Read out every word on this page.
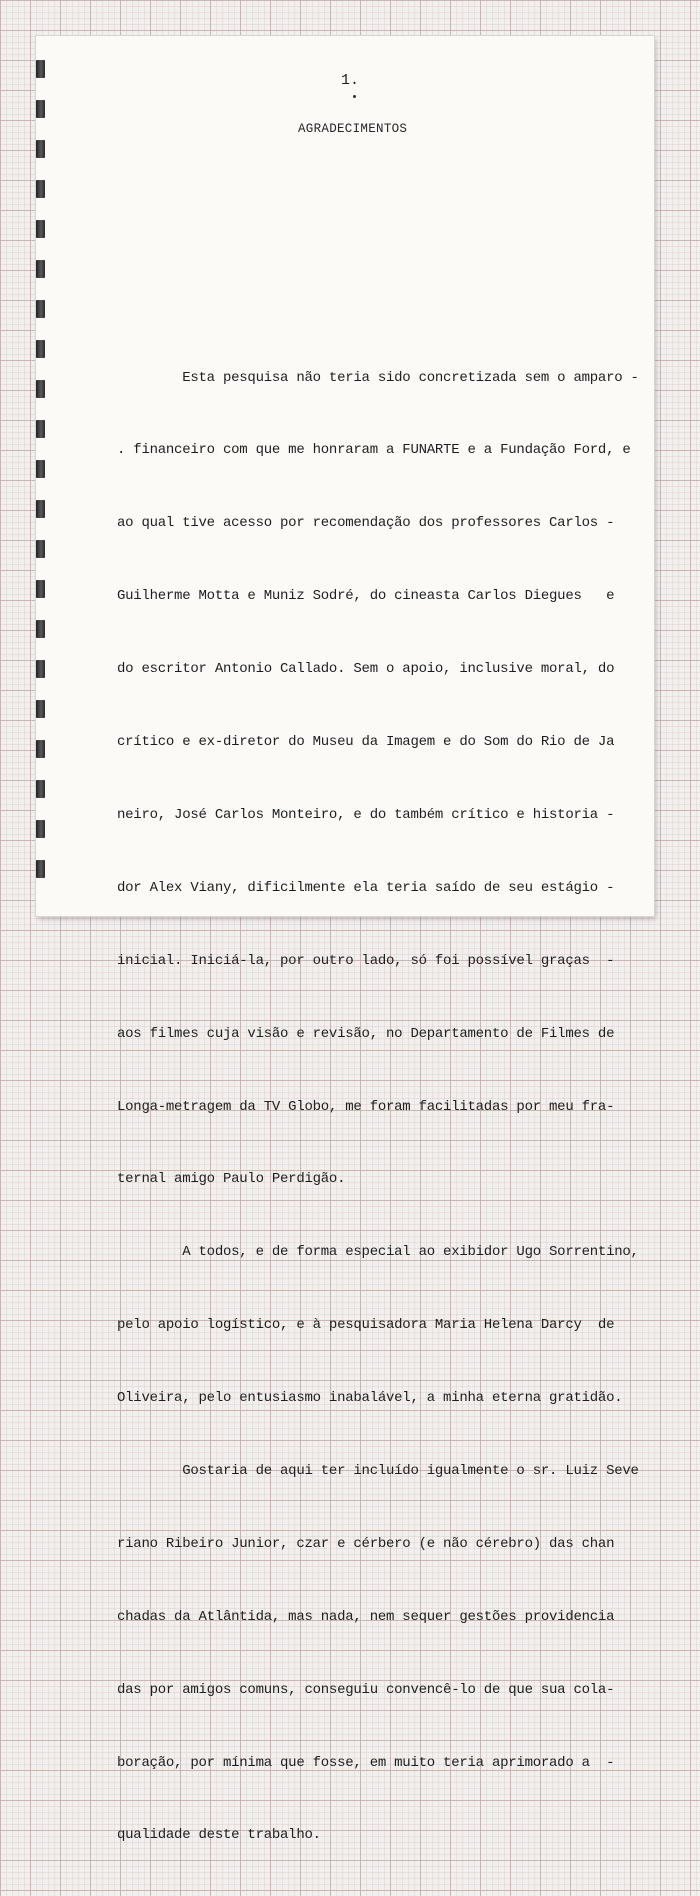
1.
AGRADECIMENTOS

Esta pesquisa não teria sido concretizada sem o amparo -

. financeiro com que me honraram a FUNARTE e a Fundação Ford, e

ao qual tive acesso por recomendação dos professores Carlos -

Guilherme Motta e Muniz Sodré, do cineasta Carlos Diegues   e

do escritor Antonio Callado. Sem o apoio, inclusive moral, do

crítico e ex-diretor do Museu da Imagem e do Som do Rio de Ja

neiro, José Carlos Monteiro, e do também crítico e historia -

dor Alex Viany, dificilmente ela teria saído de seu estágio -

inicial. Iniciá-la, por outro lado, só foi possível graças  -

aos filmes cuja visão e revisão, no Departamento de Filmes de

Longa-metragem da TV Globo, me foram facilitadas por meu fra-

ternal amigo Paulo Perdigão.

A todos, e de forma especial ao exibidor Ugo Sorrentino,

pelo apoio logístico, e à pesquisadora Maria Helena Darcy  de

Oliveira, pelo entusiasmo inabalável, a minha eterna gratidão.

Gostaria de aqui ter incluído igualmente o sr. Luiz Seve

riano Ribeiro Junior, czar e cérbero (e não cérebro) das chan

chadas da Atlântida, mas nada, nem sequer gestões providencia

das por amigos comuns, conseguiu convencê-lo de que sua cola-

boração, por mínima que fosse, em muito teria aprimorado a  -

qualidade deste trabalho.
